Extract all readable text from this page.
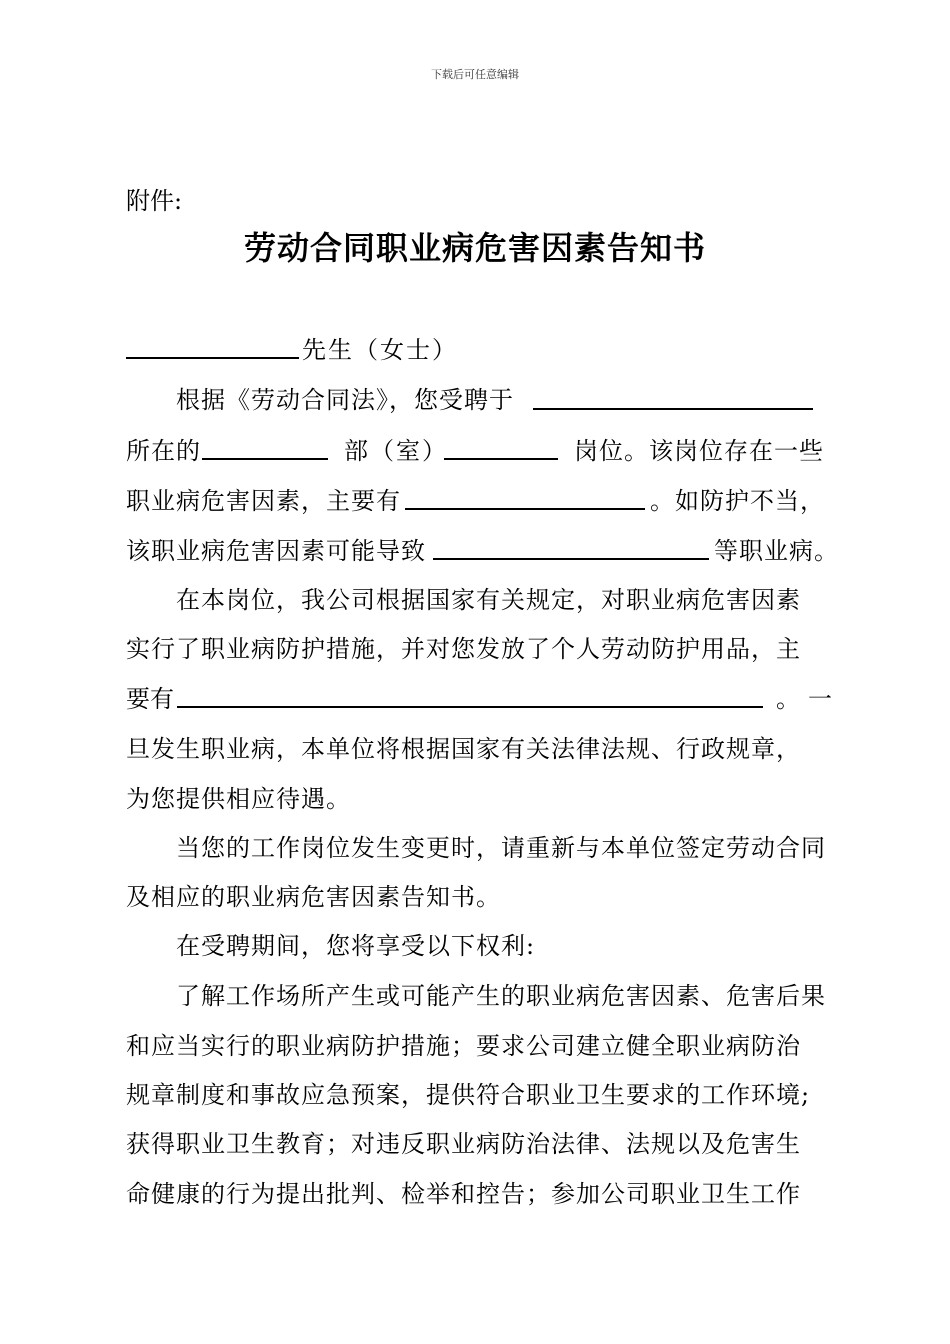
下载后可任意编辑
附件:
劳动合同职业病危害因素告知书
先生（女士）
根据《劳动合同法》，您受聘于
所在的	部（室）	岗位。该岗位存在一些
职业病危害因素，主要有	。如防护不当，
该职业病危害因素可能导致	等职业病。
在本岗位，我公司根据国家有关规定，对职业病危害因素
实行了职业病防护措施，并对您发放了个人劳动防护用品，主
要有	。一
旦发生职业病，本单位将根据国家有关法律法规、行政规章，
为您提供相应待遇。
当您的工作岗位发生变更时，请重新与本单位签定劳动合同
及相应的职业病危害因素告知书。
在受聘期间，您将享受以下权利:
了解工作场所产生或可能产生的职业病危害因素、危害后果
和应当实行的职业病防护措施；要求公司建立健全职业病防治
规章制度和事故应急预案，提供符合职业卫生要求的工作环境;
获得职业卫生教育；对违反职业病防治法律、法规以及危害生
命健康的行为提出批判、检举和控告；参加公司职业卫生工作
